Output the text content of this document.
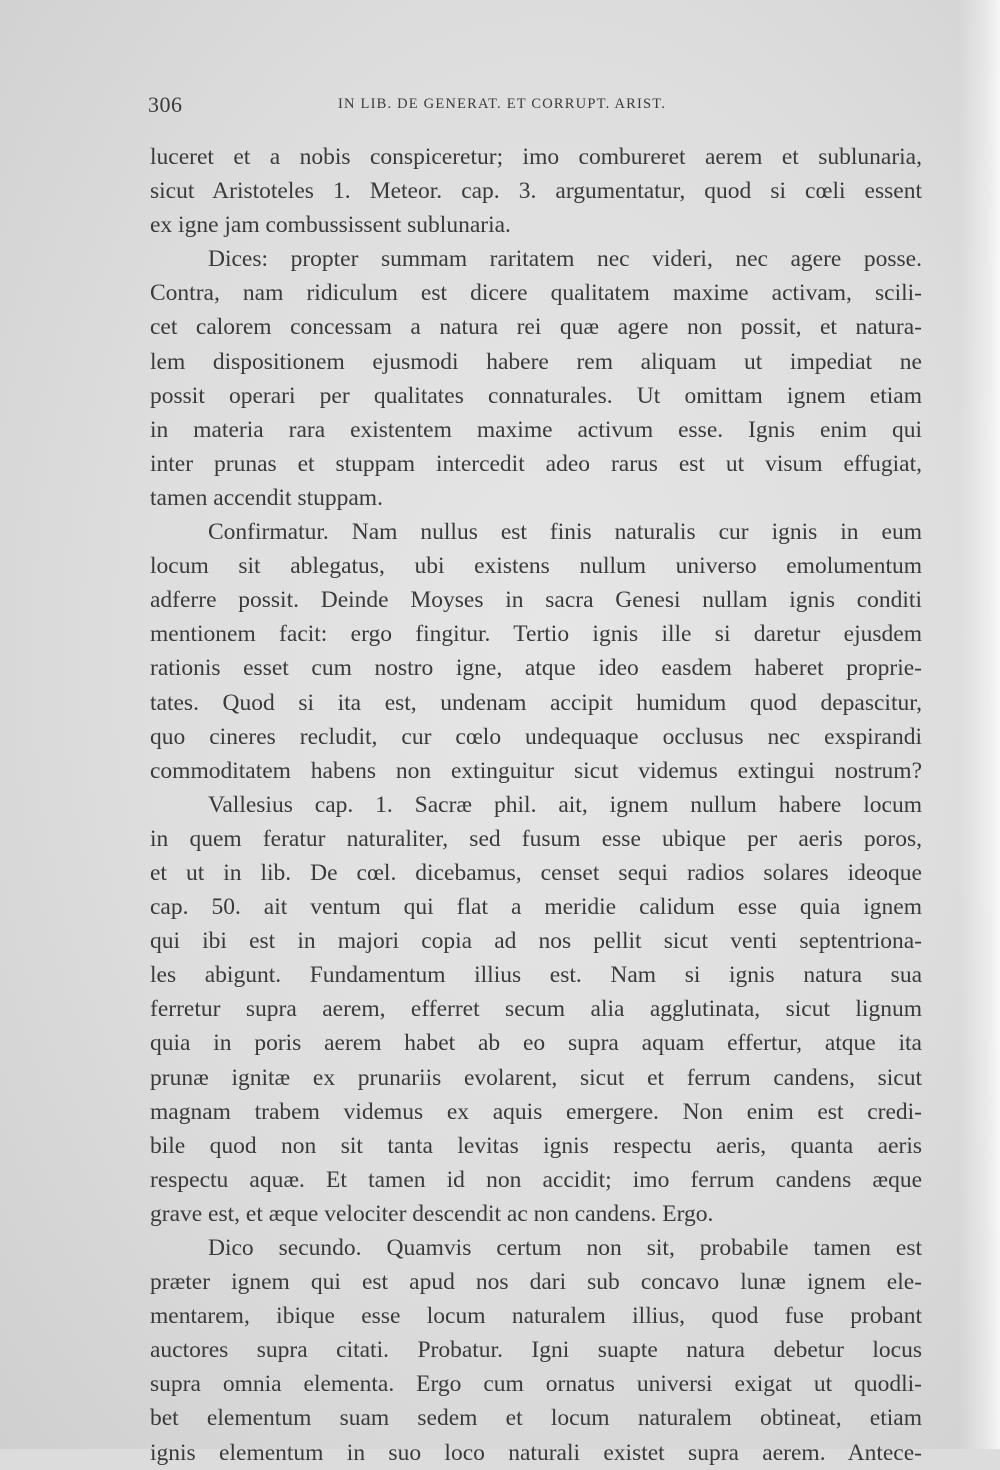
306	IN LIB. DE GENERAT. ET CORRUPT. ARIST.
luceret et a nobis conspiceretur; imo combureret aerem et sublunaria,
sicut Aristoteles 1. Meteor. cap. 3. argumentatur, quod si cœli essent
ex igne jam combussissent sublunaria.
Dices: propter summam raritatem nec videri, nec agere posse.
Contra, nam ridiculum est dicere qualitatem maxime activam, scili-
cet calorem concessam a natura rei quæ agere non possit, et natura-
lem dispositionem ejusmodi habere rem aliquam ut impediat ne
possit operari per qualitates connaturales. Ut omittam ignem etiam
in materia rara existentem maxime activum esse. Ignis enim qui
inter prunas et stuppam intercedit adeo rarus est ut visum effugiat,
tamen accendit stuppam.
Confirmatur. Nam nullus est finis naturalis cur ignis in eum
locum sit ablegatus, ubi existens nullum universo emolumentum
adferre possit. Deinde Moyses in sacra Genesi nullam ignis conditi
mentionem facit: ergo fingitur. Tertio ignis ille si daretur ejusdem
rationis esset cum nostro igne, atque ideo easdem haberet proprie-
tates. Quod si ita est, undenam accipit humidum quod depascitur,
quo cineres recludit, cur cœlo undequaque occlusus nec exspirandi
commoditatem habens non extinguitur sicut videmus extingui nostrum?
Vallesius cap. 1. Sacræ phil. ait, ignem nullum habere locum
in quem feratur naturaliter, sed fusum esse ubique per aeris poros,
et ut in lib. De cœl. dicebamus, censet sequi radios solares ideoque
cap. 50. ait ventum qui flat a meridie calidum esse quia ignem
qui ibi est in majori copia ad nos pellit sicut venti septentriona-
les abigunt. Fundamentum illius est. Nam si ignis natura sua
ferretur supra aerem, efferret secum alia agglutinata, sicut lignum
quia in poris aerem habet ab eo supra aquam effertur, atque ita
prunæ ignitæ ex prunariis evolarent, sicut et ferrum candens, sicut
magnam trabem videmus ex aquis emergere. Non enim est credi-
bile quod non sit tanta levitas ignis respectu aeris, quanta aeris
respectu aquæ. Et tamen id non accidit; imo ferrum candens æque
grave est, et æque velociter descendit ac non candens. Ergo.
Dico secundo. Quamvis certum non sit, probabile tamen est
præter ignem qui est apud nos dari sub concavo lunæ ignem ele-
mentarem, ibique esse locum naturalem illius, quod fuse probant
auctores supra citati. Probatur. Igni suapte natura debetur locus
supra omnia elementa. Ergo cum ornatus universi exigat ut quodli-
bet elementum suam sedem et locum naturalem obtineat, etiam
ignis elementum in suo loco naturali existet supra aerem. Antece-
